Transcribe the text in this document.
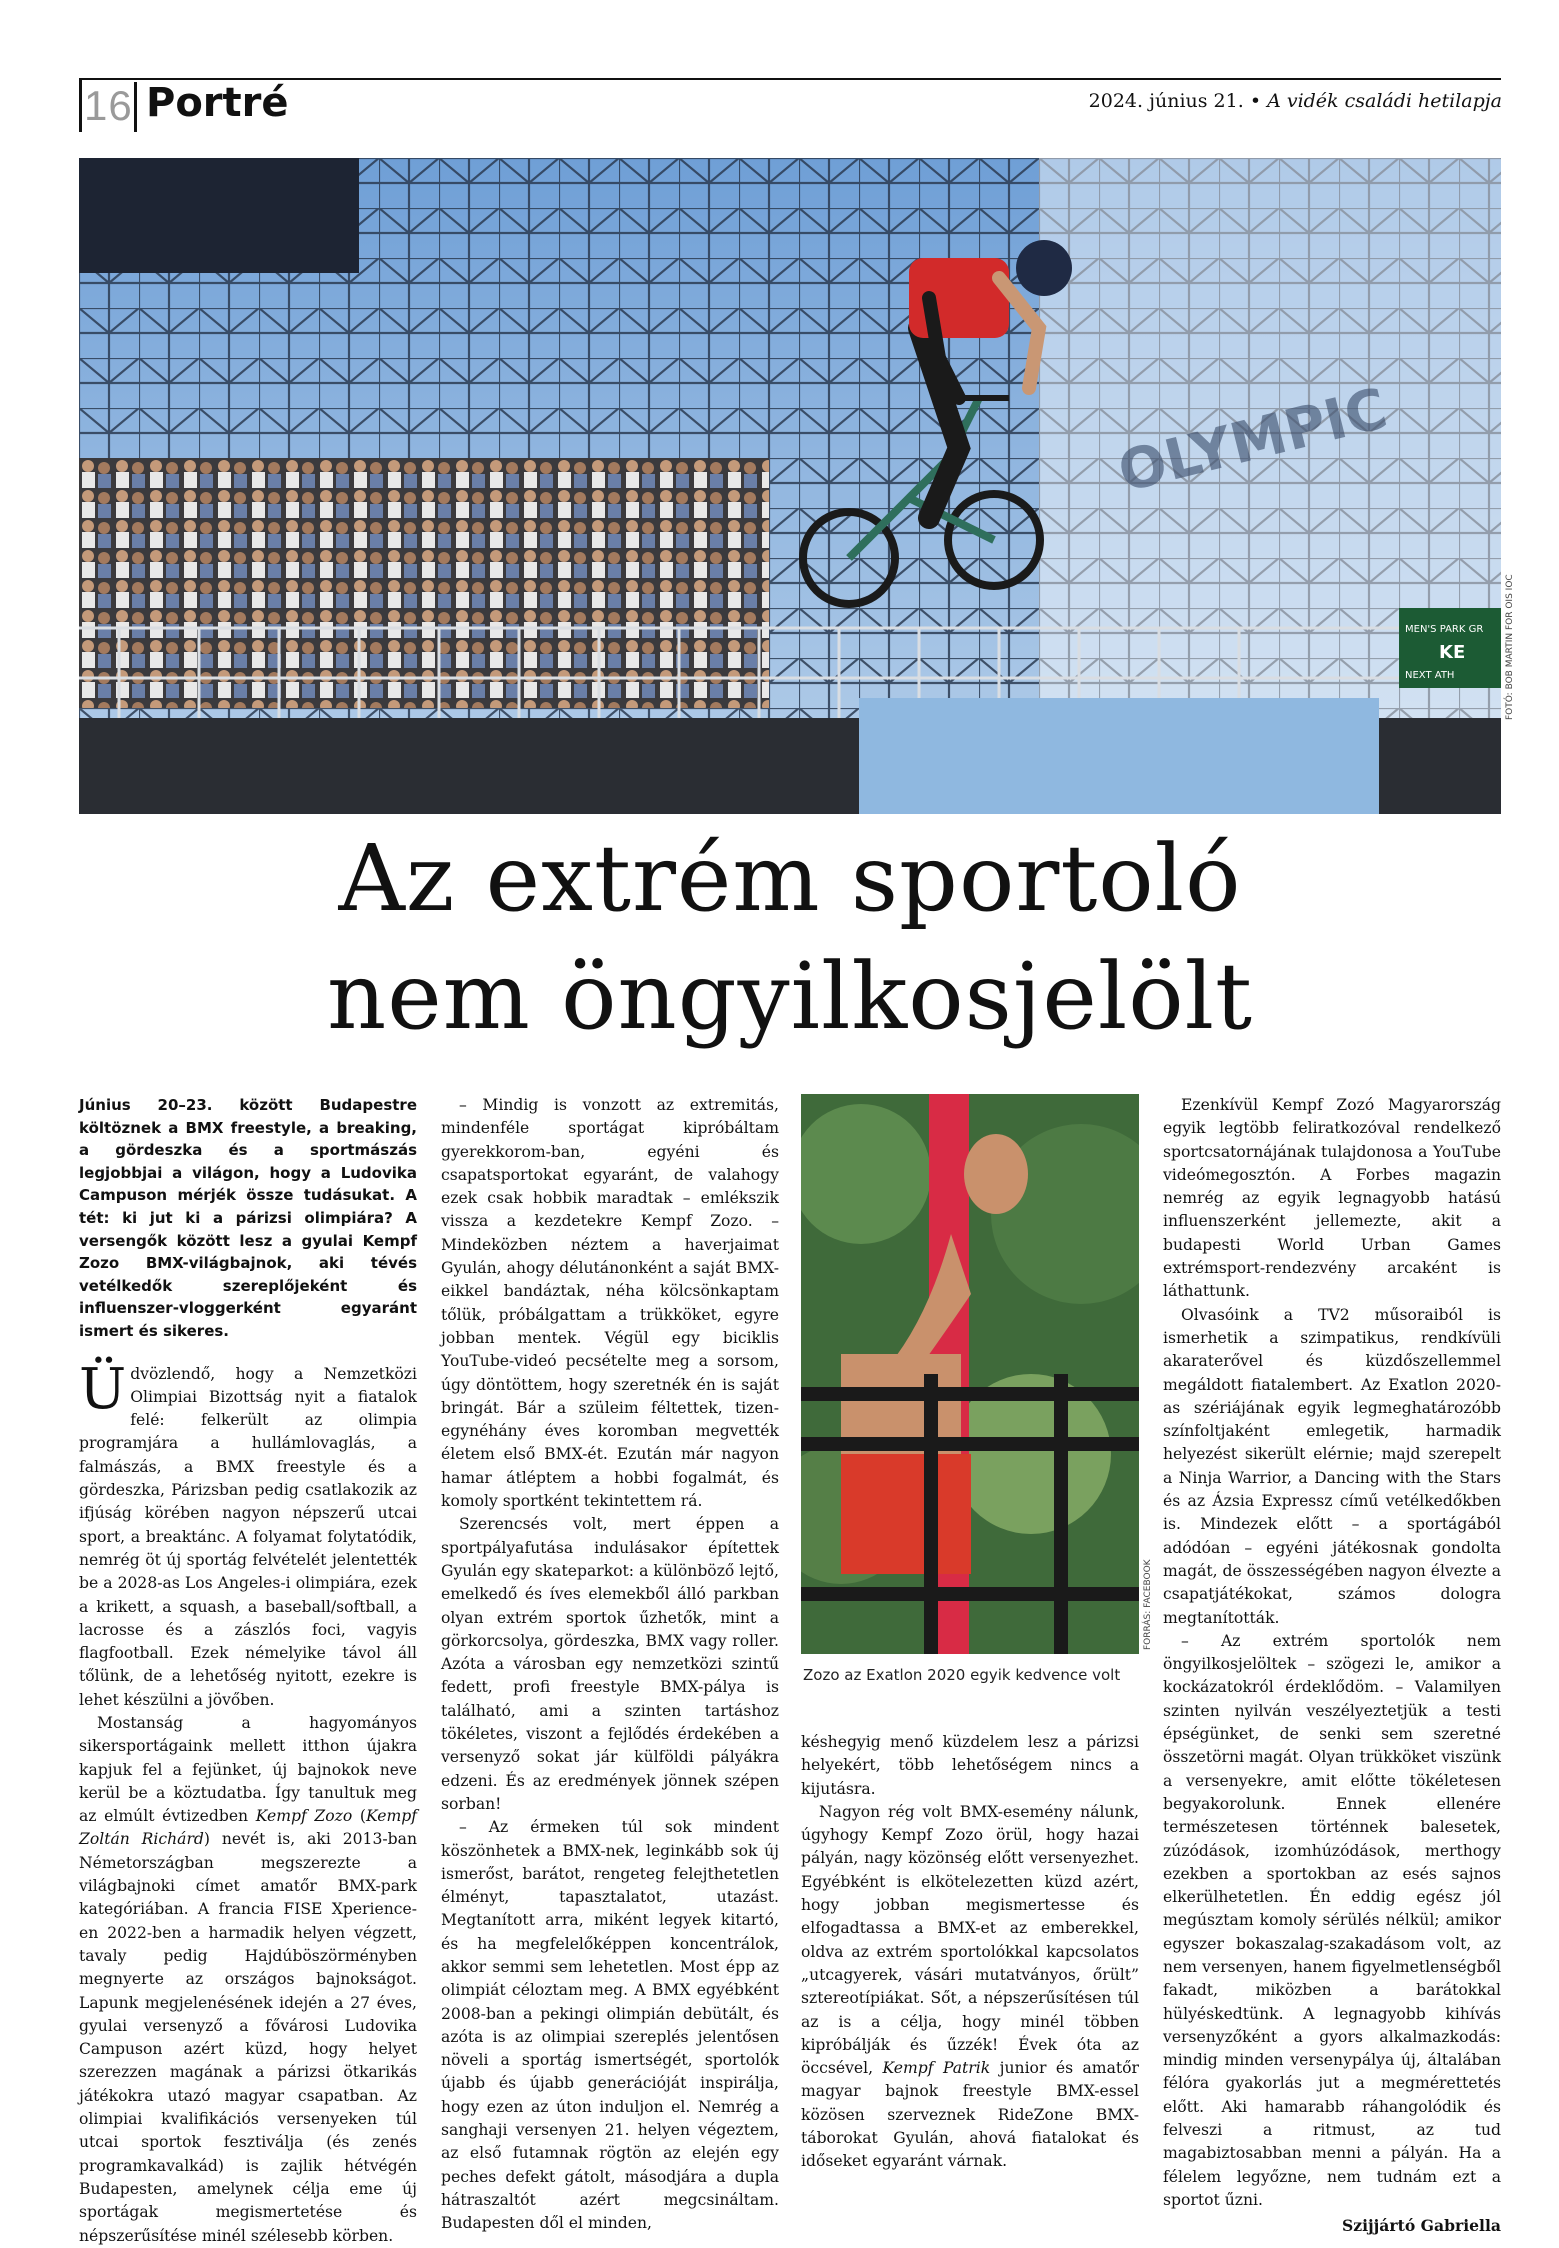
16 Portré	2024. június 21. • A vidék családi hetilapja
OLYMPIC
MEN'S PARK GR
KE
NEXT ATH	FOTÓ: BOB MARTIN FOR OIS IOC
Az extrém sportoló
nem öngyilkosjelölt

Június 20–23. között Budapestre költöznek a BMX freestyle, a breaking, a gördeszka és a sportmászás legjobbjai a világon, hogy a Ludovika Campuson mérjék össze tudásukat. A tét: ki jut ki a párizsi olimpiára? A versengők között lesz a gyulai Kempf Zozo BMX-világbajnok, aki tévés vetélkedők szereplőjeként és influenszer-vloggerként egyaránt ismert és sikeres.

Üdvözlendő, hogy a Nemzetközi Olimpiai Bizottság nyit a fiatalok felé: felkerült az olimpia programjára a hullámlovaglás, a falmászás, a BMX freestyle és a gördeszka, Párizsban pedig csatlakozik az ifjúság körében nagyon népszerű utcai sport, a breaktánc. A folyamat folytatódik, nemrég öt új sportág felvételét jelentették be a 2028-as Los Angeles-i olimpiára, ezek a krikett, a squash, a baseball/softball, a lacrosse és a zászlós foci, vagyis flagfootball. Ezek némelyike távol áll tőlünk, de a lehetőség nyitott, ezekre is lehet készülni a jövőben.

Mostanság a hagyományos sikersportágaink mellett itthon újakra kapjuk fel a fejünket, új bajnokok neve kerül be a köztudatba. Így tanultuk meg az elmúlt évtizedben Kempf Zozo (Kempf Zoltán Richárd) nevét is, aki 2013-ban Németországban megszerezte a világbajnoki címet amatőr BMX-park kategóriában. A francia FISE Xperience-en 2022-ben a harmadik helyen végzett, tavaly pedig Hajdúböszörményben megnyerte az országos bajnokságot. Lapunk megjelenésének idején a 27 éves, gyulai versenyző a fővárosi Ludovika Campuson azért küzd, hogy helyet szerezzen magának a párizsi ötkarikás játékokra utazó magyar csapatban. Az olimpiai kvalifikációs versenyeken túl utcai sportok fesztiválja (és zenés programkavalkád) is zajlik hétvégén Budapesten, amelynek célja eme új sportágak megismertetése és népszerűsítése minél szélesebb körben.

– Mindig is vonzott az extremitás, mindenféle sportágat kipróbáltam gyerekkorom-ban, egyéni és csapatsportokat egyaránt, de valahogy ezek csak hobbik maradtak – emlékszik vissza a kezdetekre Kempf Zozo. – Mindeközben néztem a haverjaimat Gyulán, ahogy délutánonként a saját BMX-eikkel bandáztak, néha kölcsönkaptam tőlük, próbálgattam a trükköket, egyre jobban mentek. Végül egy biciklis YouTube-videó pecsételte meg a sorsom, úgy döntöttem, hogy szeretnék én is saját bringát. Bár a szüleim féltettek, tizen-egynéhány éves koromban megvették életem első BMX-ét. Ezután már nagyon hamar átléptem a hobbi fogalmát, és komoly sportként tekintettem rá.

Szerencsés volt, mert éppen a sportpályafutása indulásakor építettek Gyulán egy skateparkot: a különböző lejtő, emelkedő és íves elemekből álló parkban olyan extrém sportok űzhetők, mint a görkorcsolya, gördeszka, BMX vagy roller. Azóta a városban egy nemzetközi szintű fedett, profi freestyle BMX-pálya is található, ami a szinten tartáshoz tökéletes, viszont a fejlődés érdekében a versenyző sokat jár külföldi pályákra edzeni. És az eredmények jönnek szépen sorban!

– Az érmeken túl sok mindent köszönhetek a BMX-nek, leginkább sok új ismerőst, barátot, rengeteg felejthetetlen élményt, tapasztalatot, utazást. Megtanított arra, miként legyek kitartó, és ha megfelelőképpen koncentrálok, akkor semmi sem lehetetlen. Most épp az olimpiát céloztam meg. A BMX egyébként 2008-ban a pekingi olimpián debütált, és azóta is az olimpiai szereplés jelentősen növeli a sportág ismertségét, sportolók újabb és újabb generációját inspirálja, hogy ezen az úton induljon el. Nemrég a sanghaji versenyen 21. helyen végeztem, az első futamnak rögtön az elején egy peches defekt gátolt, másodjára a dupla hátraszaltót azért megcsináltam. Budapesten dől el minden,

FORRÁS: FACEBOOK
Zozo az Exatlon 2020 egyik kedvence volt

késhegyig menő küzdelem lesz a párizsi helyekért, több lehetőségem nincs a kijutásra.

Nagyon rég volt BMX-esemény nálunk, úgyhogy Kempf Zozo örül, hogy hazai pályán, nagy közönség előtt versenyezhet. Egyébként is elkötelezetten küzd azért, hogy jobban megismertesse és elfogadtassa a BMX-et az emberekkel, oldva az extrém sportolókkal kapcsolatos „utcagyerek, vásári mutatványos, őrült” sztereotípiákat. Sőt, a népszerűsítésen túl az is a célja, hogy minél többen kipróbálják és űzzék! Évek óta az öccsével, Kempf Patrik junior és amatőr magyar bajnok freestyle BMX-essel közösen szerveznek RideZone BMX-táborokat Gyulán, ahová fiatalokat és időseket egyaránt várnak.

Ezenkívül Kempf Zozó Magyarország egyik legtöbb feliratkozóval rendelkező sportcsatornájának tulajdonosa a YouTube videómegosztón. A Forbes magazin nemrég az egyik legnagyobb hatású influenszerként jellemezte, akit a budapesti World Urban Games extrémsport-rendezvény arcaként is láthattunk.

Olvasóink a TV2 műsoraiból is ismerhetik a szimpatikus, rendkívüli akaraterővel és küzdőszellemmel megáldott fiatalembert. Az Exatlon 2020-as szériájának egyik legmeghatározóbb színfoltjaként emlegetik, harmadik helyezést sikerült elérnie; majd szerepelt a Ninja Warrior, a Dancing with the Stars és az Ázsia Expressz című vetélkedőkben is. Mindezek előtt – a sportágából adódóan – egyéni játékosnak gondolta magát, de összességében nagyon élvezte a csapatjátékokat, számos dologra megtanították.

– Az extrém sportolók nem öngyilkosjelöltek – szögezi le, amikor a kockázatokról érdeklődöm. – Valamilyen szinten nyilván veszélyeztetjük a testi épségünket, de senki sem szeretné összetörni magát. Olyan trükköket viszünk a versenyekre, amit előtte tökéletesen begyakorolunk. Ennek ellenére természetesen történnek balesetek, zúzódások, izomhúzódások, merthogy ezekben a sportokban az esés sajnos elkerülhetetlen. Én eddig egész jól megúsztam komoly sérülés nélkül; amikor egyszer bokaszalag-szakadásom volt, az nem versenyen, hanem figyelmetlenségből fakadt, miközben a barátokkal hülyéskedtünk. A legnagyobb kihívás versenyzőként a gyors alkalmazkodás: mindig minden versenypálya új, általában félóra gyakorlás jut a megmérettetés előtt. Aki hamarabb ráhangolódik és felveszi a ritmust, az tud magabiztosabban menni a pályán. Ha a félelem legyőzne, nem tudnám ezt a sportot űzni.

Szijjártó Gabriella
